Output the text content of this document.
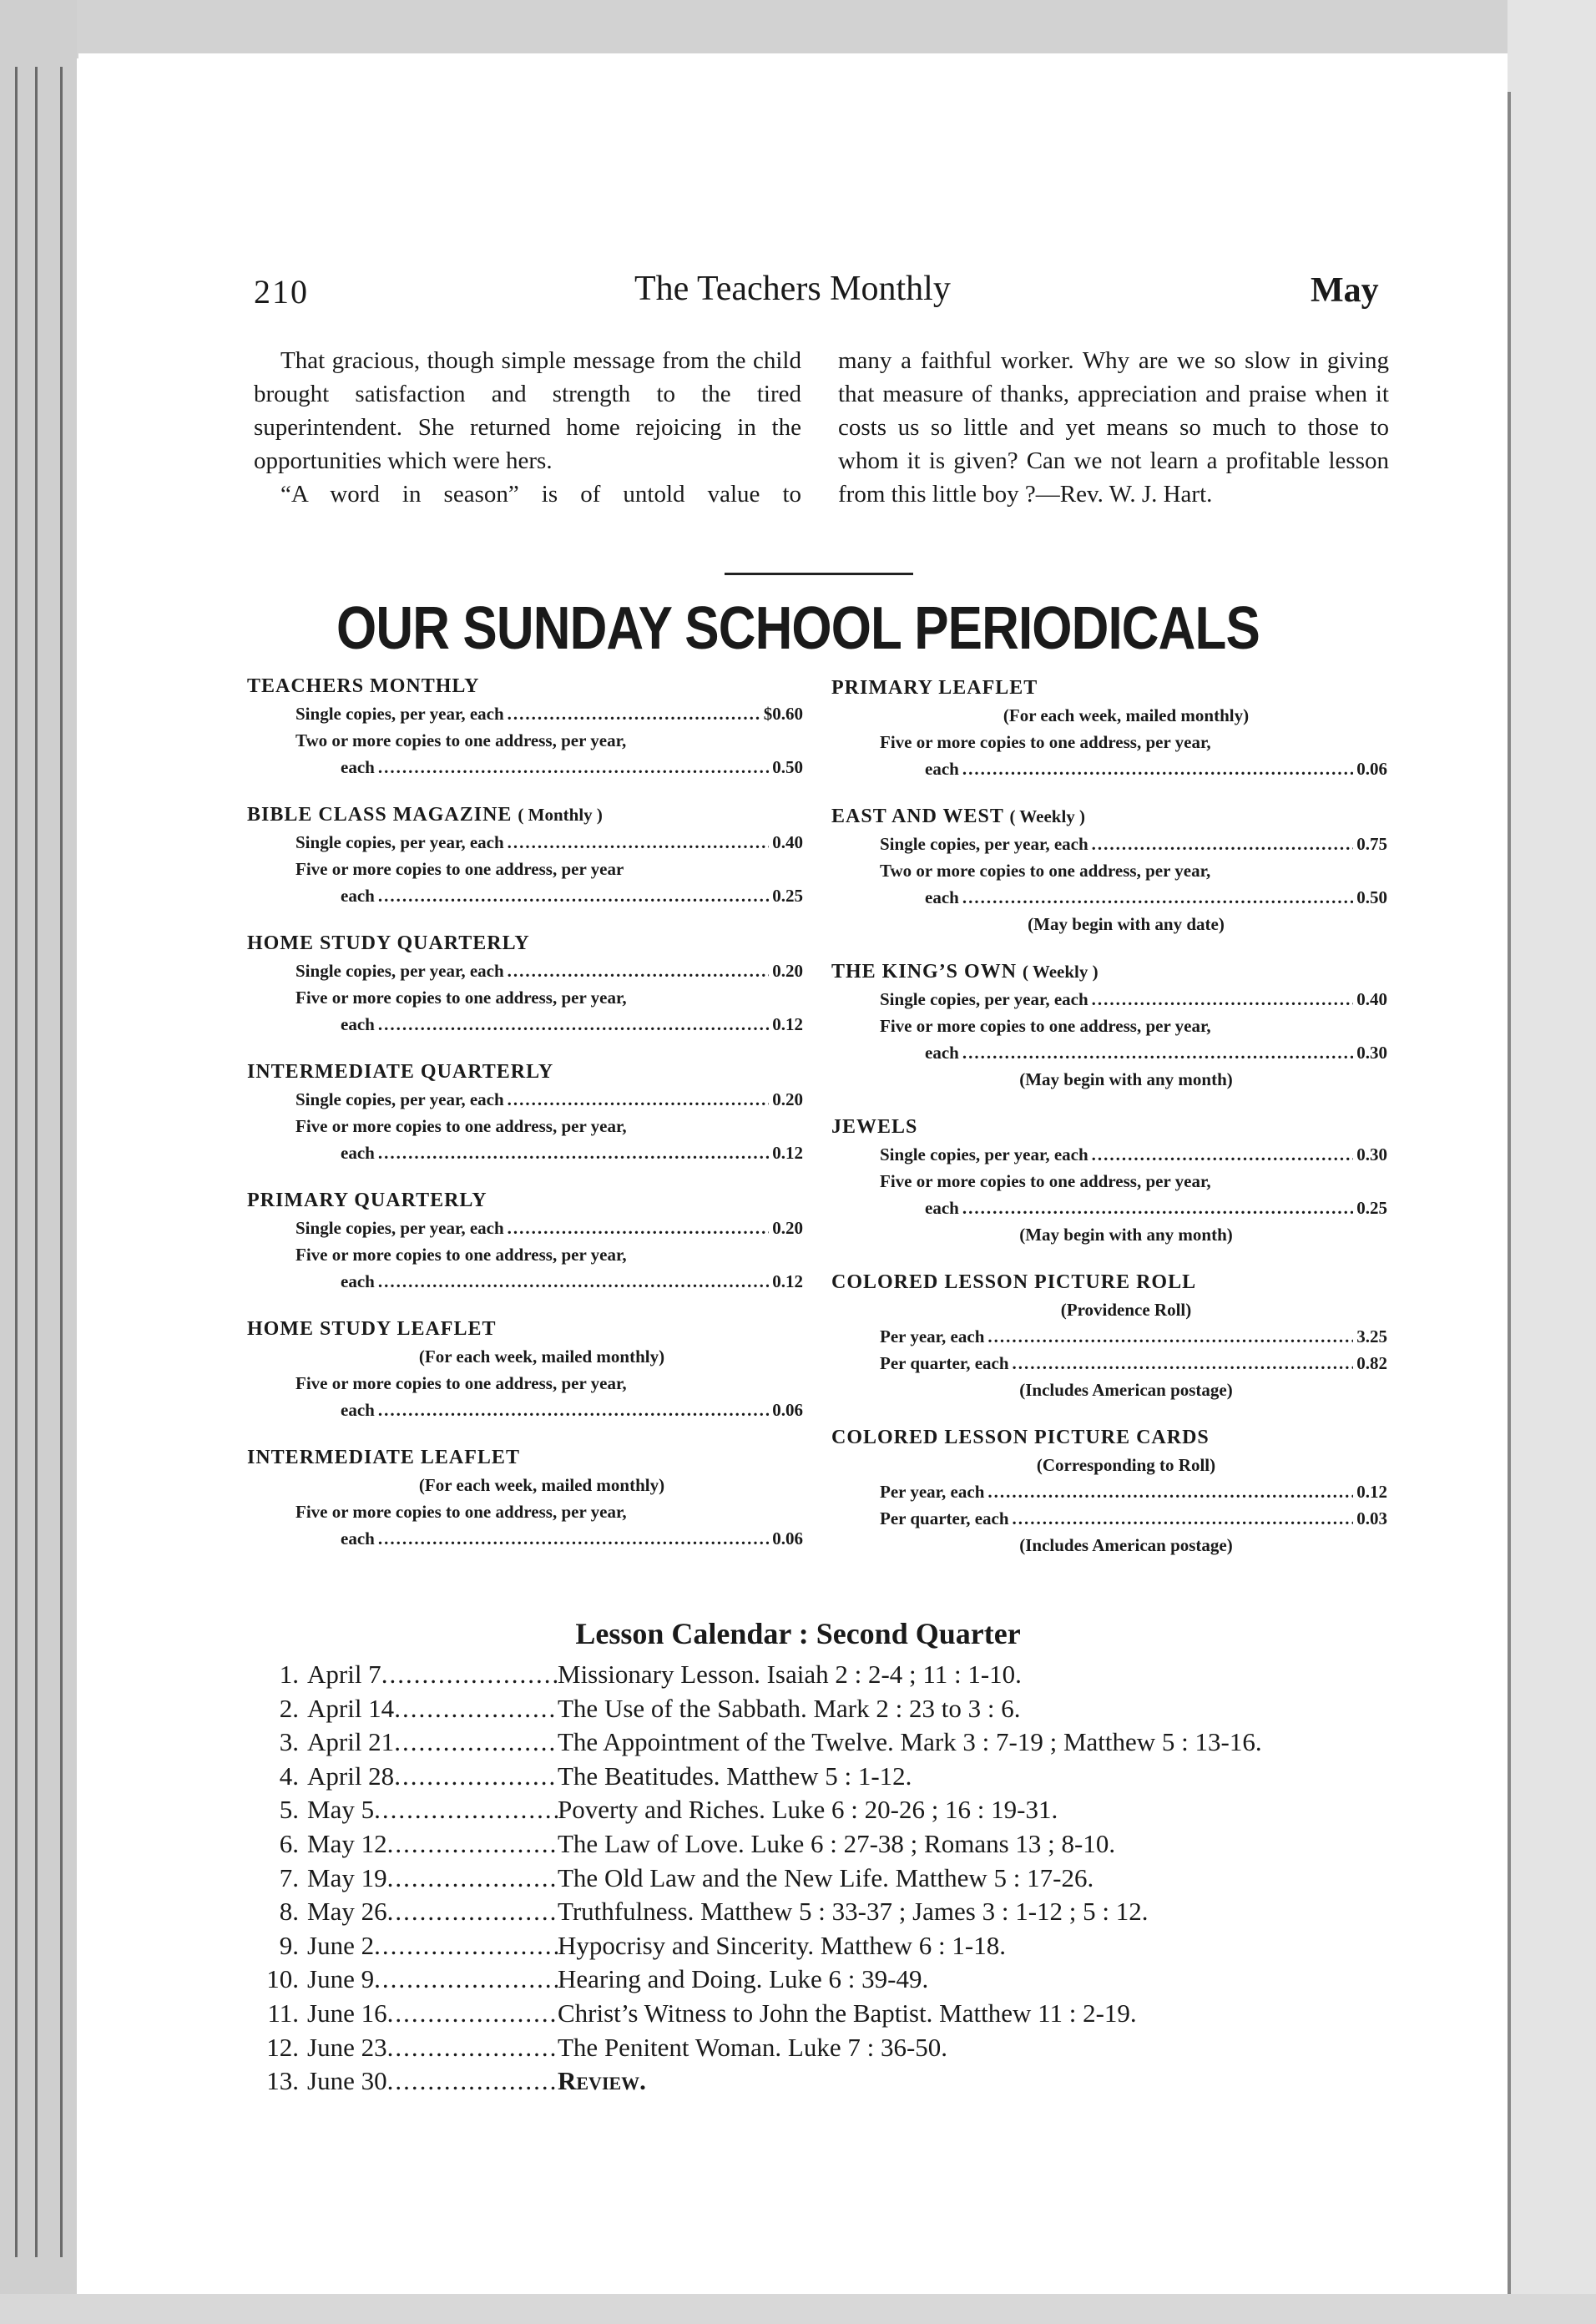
210	The Teachers Monthly	May

That gracious, though simple message from the child brought satisfaction and strength to the tired superintendent. She returned home rejoicing in the opportunities which were hers.

“A word in season” is of untold value to

many a faithful worker. Why are we so slow in giving that measure of thanks, appreciation and praise when it costs us so little and yet means so much to those to whom it is given? Can we not learn a profitable lesson from this little boy ?—Rev. W. J. Hart.

OUR SUNDAY SCHOOL PERIODICALS
TEACHERS MONTHLY
Single copies, per year, each .....	$0.60
Two or more copies to one address, per year,
each .....	0.50
BIBLE CLASS MAGAZINE ( Monthly )
Single copies, per year, each .....	0.40
Five or more copies to one address, per year
each .....	0.25
HOME STUDY QUARTERLY
Single copies, per year, each .....	0.20
Five or more copies to one address, per year,
each .....	0.12
INTERMEDIATE QUARTERLY
Single copies, per year, each .....	0.20
Five or more copies to one address, per year,
each .....	0.12
PRIMARY QUARTERLY
Single copies, per year, each .....	0.20
Five or more copies to one address, per year,
each .....	0.12
HOME STUDY LEAFLET
(For each week, mailed monthly)
Five or more copies to one address, per year,
each .....	0.06
INTERMEDIATE LEAFLET
(For each week, mailed monthly)
Five or more copies to one address, per year,
each .....	0.06
PRIMARY LEAFLET
(For each week, mailed monthly)
Five or more copies to one address, per year,
each .....	0.06
EAST AND WEST ( Weekly )
Single copies, per year, each .....	0.75
Two or more copies to one address, per year,
each .....	0.50
(May begin with any date)
THE KING’S OWN ( Weekly )
Single copies, per year, each .....	0.40
Five or more copies to one address, per year,
each .....	0.30
(May begin with any month)
JEWELS
Single copies, per year, each .....	0.30
Five or more copies to one address, per year,
each .....	0.25
(May begin with any month)
COLORED LESSON PICTURE ROLL
(Providence Roll)
Per year, each .....	3.25
Per quarter, each .....	0.82
(Includes American postage)
COLORED LESSON PICTURE CARDS
(Corresponding to Roll)
Per year, each .....	0.12
Per quarter, each .....	0.03
(Includes American postage)
Lesson Calendar : Second Quarter
1. April 7 .....	Missionary Lesson. Isaiah 2 : 2-4 ; 11 : 1-10.
2. April 14 .....	The Use of the Sabbath. Mark 2 : 23 to 3 : 6.
3. April 21 .....	The Appointment of the Twelve. Mark 3 : 7-19 ; Matthew 5 : 13-16.
4. April 28 .....	The Beatitudes. Matthew 5 : 1-12.
5. May 5 .....	Poverty and Riches. Luke 6 : 20-26 ; 16 : 19-31.
6. May 12 .....	The Law of Love. Luke 6 : 27-38 ; Romans 13 ; 8-10.
7. May 19 .....	The Old Law and the New Life. Matthew 5 : 17-26.
8. May 26 .....	Truthfulness. Matthew 5 : 33-37 ; James 3 : 1-12 ; 5 : 12.
9. June 2 .....	Hypocrisy and Sincerity. Matthew 6 : 1-18.
10. June 9 .....	Hearing and Doing. Luke 6 : 39-49.
11. June 16 .....	Christ’s Witness to John the Baptist. Matthew 11 : 2-19.
12. June 23 .....	The Penitent Woman. Luke 7 : 36-50.
13. June 30 .....	Review.
